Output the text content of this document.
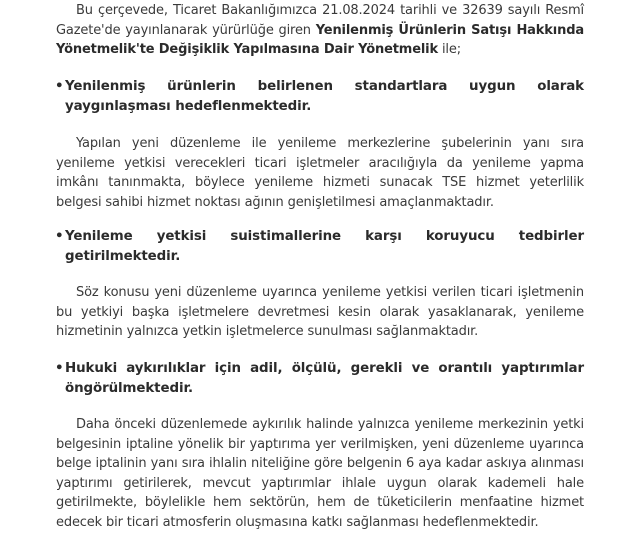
Bu çerçevede, Ticaret Bakanlığımızca 21.08.2024 tarihli ve 32639 sayılı Resmî Gazete'de yayınlanarak yürürlüğe giren Yenilenmiş Ürünlerin Satışı Hakkında Yönetmelik'te Değişiklik Yapılmasına Dair Yönetmelik ile;

• Yenilenmiş ürünlerin belirlenen standartlara uygun olarak yaygınlaşması hedeflenmektedir.

Yapılan yeni düzenleme ile yenileme merkezlerine şubelerinin yanı sıra yenileme yetkisi verecekleri ticari işletmeler aracılığıyla da yenileme yapma imkânı tanınmakta, böylece yenileme hizmeti sunacak TSE hizmet yeterlilik belgesi sahibi hizmet noktası ağının genişletilmesi amaçlanmaktadır.

• Yenileme yetkisi suistimallerine karşı koruyucu tedbirler getirilmektedir.

Söz konusu yeni düzenleme uyarınca yenileme yetkisi verilen ticari işletmenin bu yetkiyi başka işletmelere devretmesi kesin olarak yasaklanarak, yenileme hizmetinin yalnızca yetkin işletmelerce sunulması sağlanmaktadır.

• Hukuki aykırılıklar için adil, ölçülü, gerekli ve orantılı yaptırımlar öngörülmektedir.

Daha önceki düzenlemede aykırılık halinde yalnızca yenileme merkezinin yetki belgesinin iptaline yönelik bir yaptırıma yer verilmişken, yeni düzenleme uyarınca belge iptalinin yanı sıra ihlalin niteliğine göre belgenin 6 aya kadar askıya alınması yaptırımı getirilerek, mevcut yaptırımlar ihlale uygun olarak kademeli hale getirilmekte, böylelikle hem sektörün, hem de tüketicilerin menfaatine hizmet edecek bir ticari atmosferin oluşmasına katkı sağlanması hedeflenmektedir.
